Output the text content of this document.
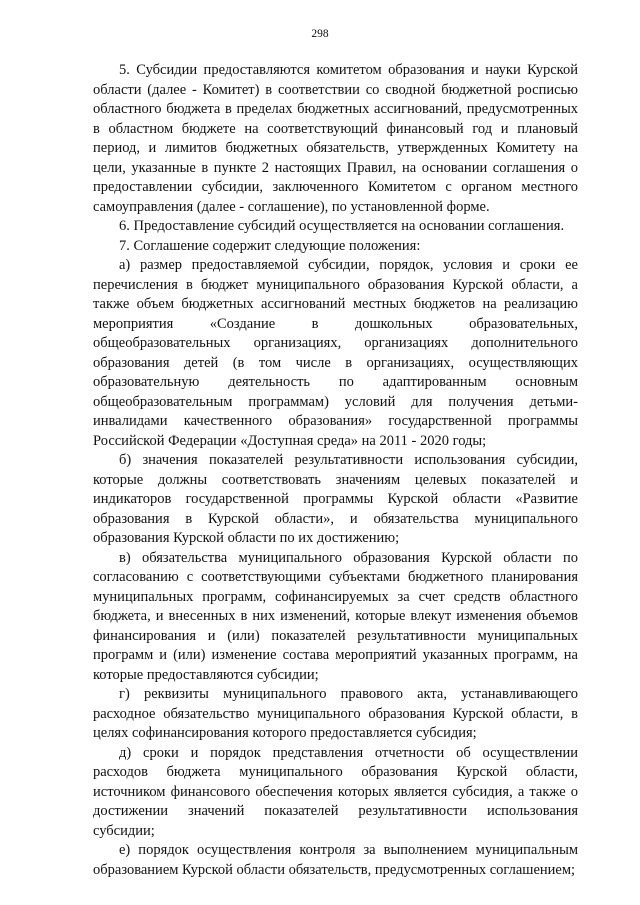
298

5. Субсидии предоставляются комитетом образования и науки Курской области (далее - Комитет) в соответствии со сводной бюджетной росписью областного бюджета в пределах бюджетных ассигнований, предусмотренных в областном бюджете на соответствующий финансовый год и плановый период, и лимитов бюджетных обязательств, утвержденных Комитету на цели, указанные в пункте 2 настоящих Правил, на основании соглашения о предоставлении субсидии, заключенного Комитетом с органом местного самоуправления (далее - соглашение), по установленной форме.

6. Предоставление субсидий осуществляется на основании соглашения.

7. Соглашение содержит следующие положения:

а) размер предоставляемой субсидии, порядок, условия и сроки ее перечисления в бюджет муниципального образования Курской области, а также объем бюджетных ассигнований местных бюджетов на реализацию мероприятия «Создание в дошкольных образовательных, общеобразовательных организациях, организациях дополнительного образования детей (в том числе в организациях, осуществляющих образовательную деятельность по адаптированным основным общеобразовательным программам) условий для получения детьми-инвалидами качественного образования» государственной программы Российской Федерации «Доступная среда» на 2011 - 2020 годы;

б) значения показателей результативности использования субсидии, которые должны соответствовать значениям целевых показателей и индикаторов государственной программы Курской области «Развитие образования в Курской области», и обязательства муниципального образования Курской области по их достижению;

в) обязательства муниципального образования Курской области по согласованию с соответствующими субъектами бюджетного планирования муниципальных программ, софинансируемых за счет средств областного бюджета, и внесенных в них изменений, которые влекут изменения объемов финансирования и (или) показателей результативности муниципальных программ и (или) изменение состава мероприятий указанных программ, на которые предоставляются субсидии;

г) реквизиты муниципального правового акта, устанавливающего расходное обязательство муниципального образования Курской области, в целях софинансирования которого предоставляется субсидия;

д) сроки и порядок представления отчетности об осуществлении расходов бюджета муниципального образования Курской области, источником финансового обеспечения которых является субсидия, а также о достижении значений показателей результативности использования субсидии;

е) порядок осуществления контроля за выполнением муниципальным образованием Курской области обязательств, предусмотренных соглашением;
